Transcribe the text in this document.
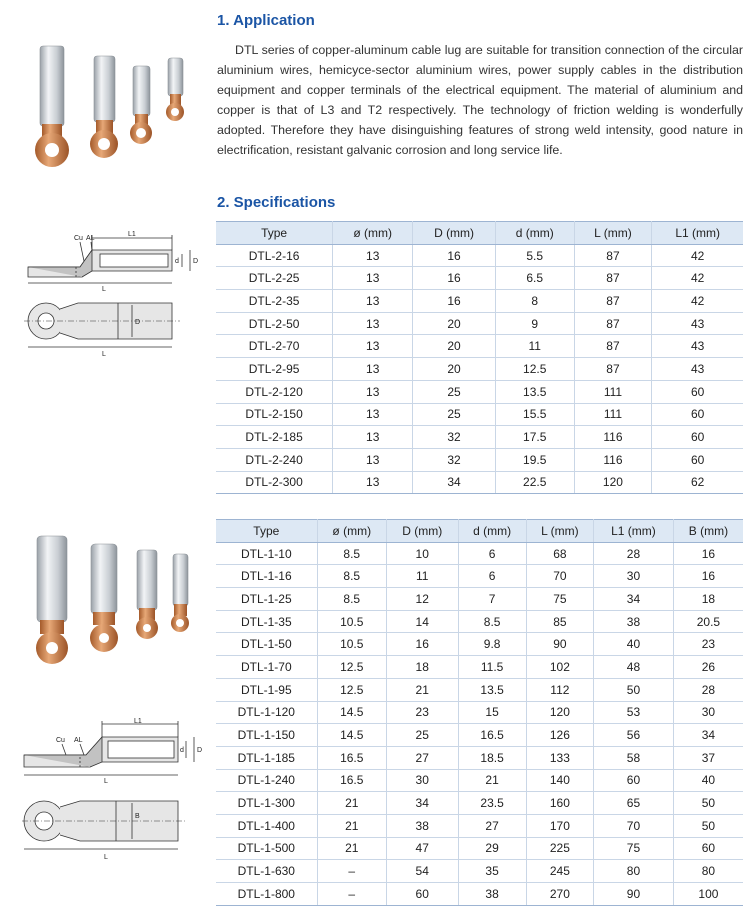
1. Application

DTL series of copper-aluminum cable lug are suitable for transition connection of the circular aluminium wires, hemicyce-sector aluminium wires, power supply cables in the distribution equipment and copper terminals of the electrical equipment. The material of aluminium and copper is that of L3 and T2 respectively. The technology of friction welding is wonderfully adopted. Therefore they have disinguishing features of strong weld intensity, good nature in electrification, resistant galvanic corrosion and long service life.

2. Specifications
L1
Cu AL
d D
L
D
L
Type	ø (mm)	D (mm)	d (mm)	L (mm)	L1 (mm)
DTL-2-16	13	16	5.5	87	42
DTL-2-25	13	16	6.5	87	42
DTL-2-35	13	16	8	87	42
DTL-2-50	13	20	9	87	43
DTL-2-70	13	20	11	87	43
DTL-2-95	13	20	12.5	87	43
DTL-2-120	13	25	13.5	111	60
DTL-2-150	13	25	15.5	111	60
DTL-2-185	13	32	17.5	116	60
DTL-2-240	13	32	19.5	116	60
DTL-2-300	13	34	22.5	120	62
L1
Cu AL
d D
L
B
L
Type	ø (mm)	D (mm)	d (mm)	L (mm)	L1 (mm)	B (mm)
DTL-1-10	8.5	10	6	68	28	16
DTL-1-16	8.5	11	6	70	30	16
DTL-1-25	8.5	12	7	75	34	18
DTL-1-35	10.5	14	8.5	85	38	20.5
DTL-1-50	10.5	16	9.8	90	40	23
DTL-1-70	12.5	18	11.5	102	48	26
DTL-1-95	12.5	21	13.5	112	50	28
DTL-1-120	14.5	23	15	120	53	30
DTL-1-150	14.5	25	16.5	126	56	34
DTL-1-185	16.5	27	18.5	133	58	37
DTL-1-240	16.5	30	21	140	60	40
DTL-1-300	21	34	23.5	160	65	50
DTL-1-400	21	38	27	170	70	50
DTL-1-500	21	47	29	225	75	60
DTL-1-630	–	54	35	245	80	80
DTL-1-800	–	60	38	270	90	100
